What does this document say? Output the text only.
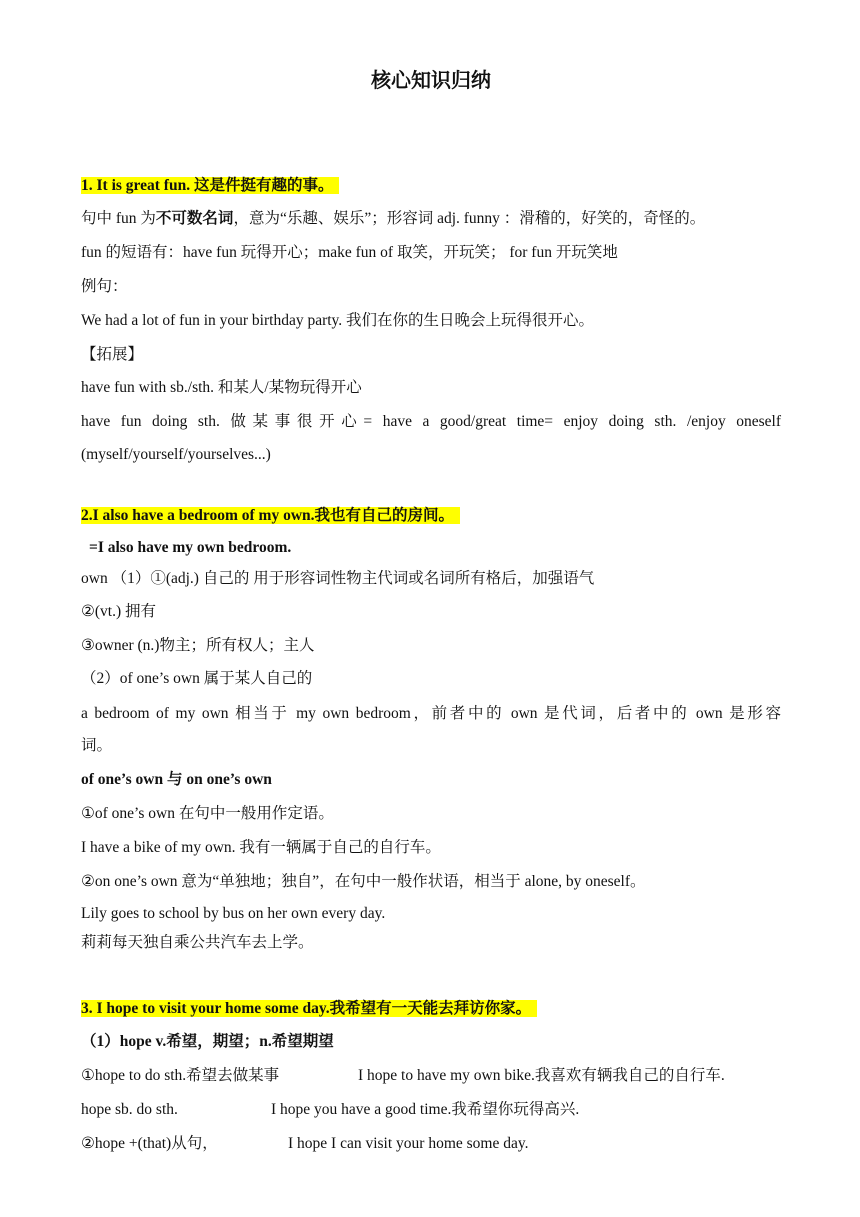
核心知识归纳
1. It is great fun. 这是件挺有趣的事。
句中 fun 为不可数名词，意为“乐趣、娱乐”；形容词 adj. funny ：滑稽的，好笑的，奇怪的。
fun 的短语有：have fun 玩得开心；make fun of 取笑，开玩笑； for fun 开玩笑地
例句：
We had a lot of fun in your birthday party. 我们在你的生日晚会上玩得很开心。
【拓展】
have fun with sb./sth. 和某人/某物玩得开心
have fun doing sth. 做某事很开心= have a good/great time= enjoy doing sth. /enjoy oneself
(myself/yourself/yourselves...)
2.I also have a bedroom of my own.我也有自己的房间。
=I also have my own bedroom.
own （1）①(adj.) 自己的 用于形容词性物主代词或名词所有格后，加强语气
②(vt.) 拥有
③owner (n.)物主；所有权人；主人
（2）of one’s own 属于某人自己的
a bedroom of my own 相当于 my own bedroom，前者中的 own 是代词，后者中的 own 是形容
词。
of one’s own 与 on one’s own
①of one’s own 在句中一般用作定语。
I have a bike of my own. 我有一辆属于自己的自行车。
②on one’s own 意为“单独地；独自”，在句中一般作状语，相当于 alone, by oneself。
Lily goes to school by bus on her own every day.
莉莉每天独自乘公共汽车去上学。
3. I hope to visit your home some day.我希望有一天能去拜访你家。
（1）hope v.希望，期望；n.希望期望
①hope to do sth.希望去做某事	I hope to have my own bike.我喜欢有辆我自己的自行车.
hope sb. do sth.	I hope you have a good time.我希望你玩得高兴.
②hope +(that)从句，	I hope I can visit your home some day.
